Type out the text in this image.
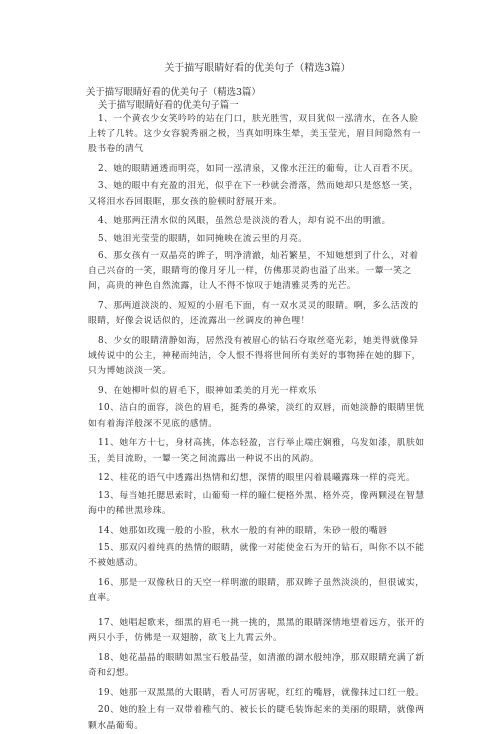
关于描写眼睛好看的优美句子（精选3篇）
关于描写眼睛好看的优美句子（精选3篇）
关于描写眼睛好看的优美句子篇一
1、一个黄衣少女笑吟吟的站在门口，肤光胜雪，双目犹似一泓清水，在各人脸上转了几转。这少女容貌秀丽之极，当真如明珠生晕，美玉莹光，眉目间隐然有一股书卷的清气
2、她的眼睛通透而明亮，如同一泓清泉，又像水汪汪的葡萄，让人百看不厌。
3、她的眼中有充盈的泪光，似乎在下一秒就会滑落，然而她却只是悠悠一笑，又将泪水吞回眼眶，那女孩的脸顿时舒展开来。
4、她那两汪清水似的风眼，虽然总是淡淡的看人，却有说不出的明澈。
5、她泪光莹莹的眼睛，如同掩映在流云里的月亮。
6、那女孩有一双晶亮的眸子，明净清澈，灿若繁星，不知她想到了什么，对着自己兴奋的一笑，眼睛弯的像月牙儿一样，仿佛那灵韵也溢了出来。一颦一笑之间，高贵的神色自然流露，让人不得不惊叹于她清雅灵秀的光芒。
7、那两道淡淡的、短短的小眉毛下面，有一双水灵灵的眼睛。啊，多么活泼的眼睛，好像会说话似的，还流露出一丝调皮的神色哩！
8、少女的眼睛清静如海，居然没有被眉心的钻石夺取丝毫光彩，她美得就像异域传说中的公主，神秘而纯洁，令人恨不得将世间所有美好的事物捧在她的脚下，只为博她淡淡一笑。
9、在她柳叶似的眉毛下，眼神如柔美的月光一样欢乐
10、洁白的面容，淡色的眉毛，挺秀的鼻梁，淡红的双唇，而她淡静的眼睛里恍如有着海洋般深不见底的感情。
11、她年方十七，身材高挑，体态轻盈，言行举止端庄娴雅，乌发如漆，肌肤如玉，美目流盼，一颦一笑之间流露出一种说不出的风韵。
12、桂花的语气中透露出热情和幻想，深情的眼里闪着晨曦露珠一样的亮光。
13、每当她托腮思索时，山葡萄一样的瞳仁便格外黑、格外亮，像两颗浸在智慧海中的稀世黑珍珠。
14、她那如玫瑰一般的小脸，秋水一般的有神的眼睛，朱砂一般的嘴唇
15、那双闪着纯真的热情的眼睛，就像一对能使金石为开的钻石，叫你不以不能不被她感动。
16、那是一双像秋日的天空一样明澈的眼睛，那双眸子虽然淡淡的，但很诚实，直率。
17、她唱起歌来，细黑的眉毛一挑一挑的，黑黑的眼睛深情地望着远方，张开的两只小手，仿佛是一双翅膀，欲飞上九霄云外。
18、她花晶晶的眼睛如黑宝石般晶莹，如清澈的湖水般纯净，那双眼睛充满了新奇和幻想。
19、她那一双黑黑的大眼睛，看人可厉害呢，红红的嘴唇，就像抹过口红一般。
20、她的脸上有一双带着稚气的、被长长的睫毛装饰起来的美丽的眼睛，就像两颗水晶葡萄。
